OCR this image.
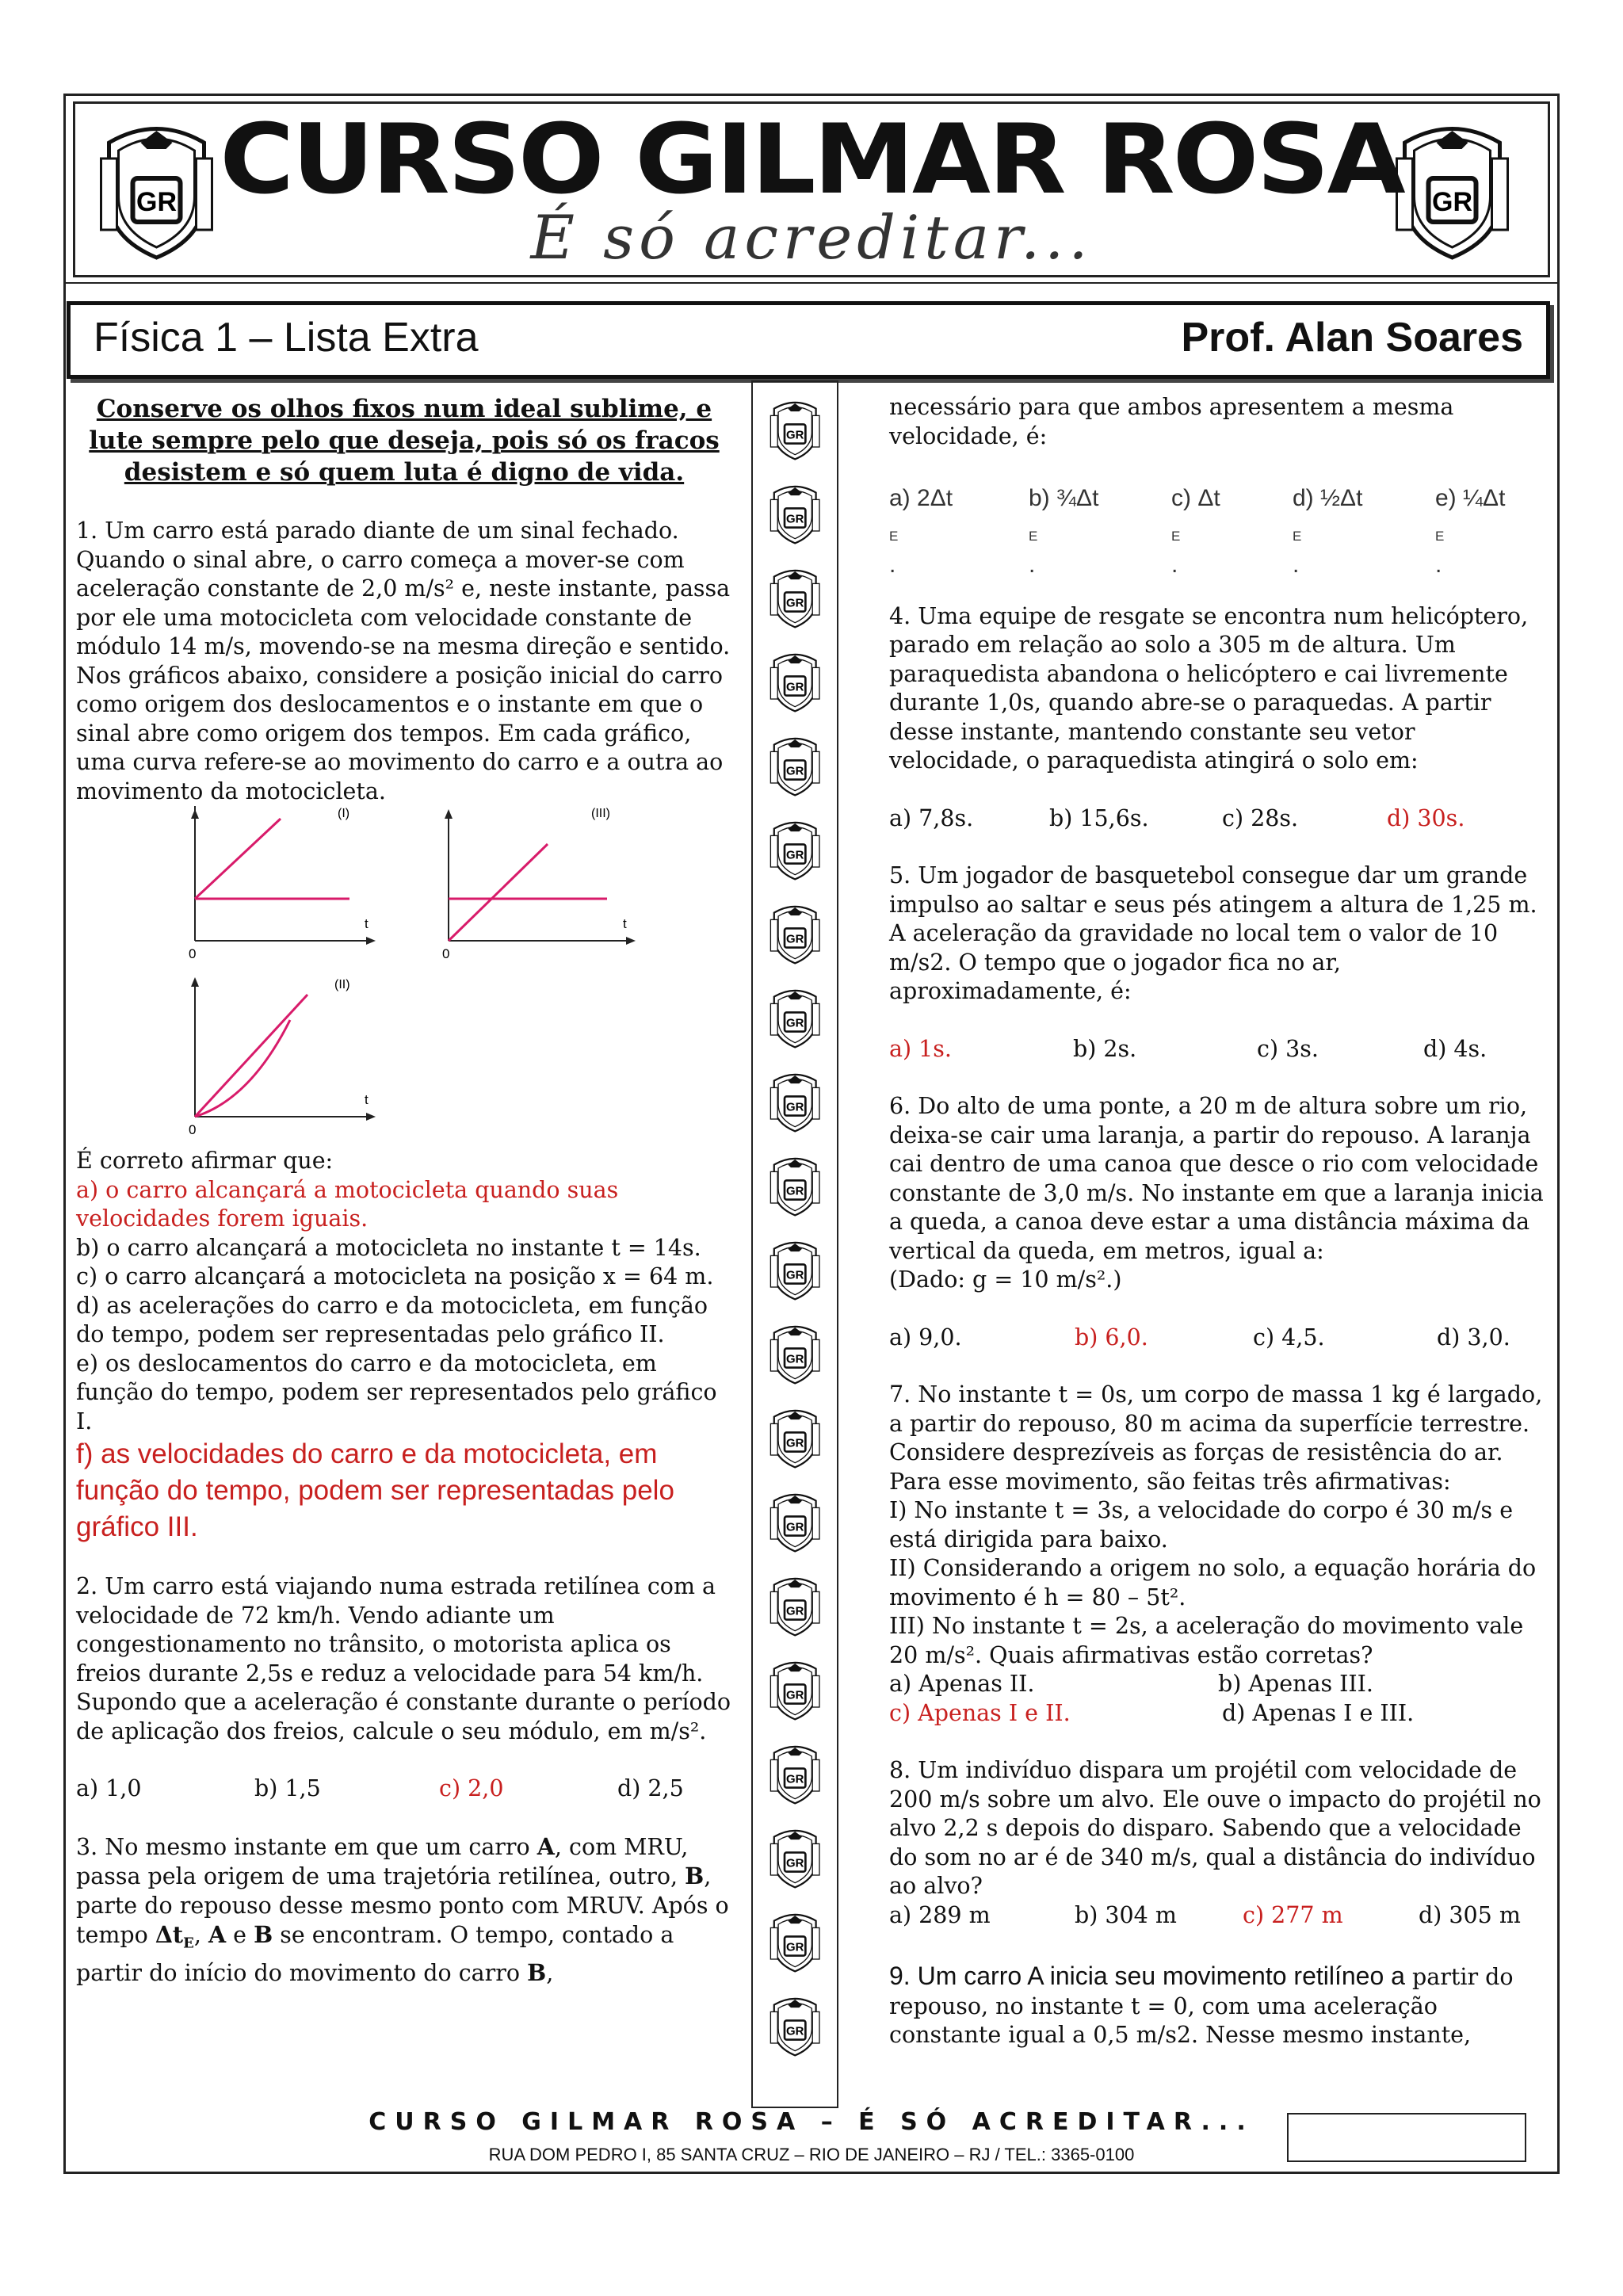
GR	GR
CURSO GILMAR ROSA
É só acreditar...
Física 1 – Lista Extra	Prof. Alan Soares

Conserve os olhos fixos num ideal sublime, e lute sempre pelo que deseja, pois só os fracos desistem e só quem luta é digno de vida.

1. Um carro está parado diante de um sinal fechado. Quando o sinal abre, o carro começa a mover-se com aceleração constante de 2,0 m/s² e, neste instante, passa por ele uma motocicleta com velocidade constante de módulo 14 m/s, movendo-se na mesma direção e sentido. Nos gráficos abaixo, considere a posição inicial do carro como origem dos deslocamentos e o instante em que o sinal abre como origem dos tempos. Em cada gráfico, uma curva refere-se ao movimento do carro e a outra ao movimento da motocicleta.

(I)
t
0
(III)
t
0
(II)
t
0

É correto afirmar que:

a) o carro alcançará a motocicleta quando suas velocidades forem iguais.

b) o carro alcançará a motocicleta no instante t = 14s.

c) o carro alcançará a motocicleta na posição x = 64 m.

d) as acelerações do carro e da motocicleta, em função do tempo, podem ser representadas pelo gráfico II.

e) os deslocamentos do carro e da motocicleta, em função do tempo, podem ser representados pelo gráfico I.

f) as velocidades do carro e da motocicleta, em função do tempo, podem ser representadas pelo gráfico III.

2. Um carro está viajando numa estrada retilínea com a velocidade de 72 km/h. Vendo adiante um congestionamento no trânsito, o motorista aplica os freios durante 2,5s e reduz a velocidade para 54 km/h. Supondo que a aceleração é constante durante o período de aplicação dos freios, calcule o seu módulo, em m/s².

a) 1,0	b) 1,5	c) 2,0	d) 2,5

3. No mesmo instante em que um carro A, com MRU, passa pela origem de uma trajetória retilínea, outro, B, parte do repouso desse mesmo ponto com MRUV. Após o tempo $\Delta t_E$, A e B se encontram. O tempo, contado a partir do início do movimento do carro B,

GR
GR
GR
GR
GR
GR
GR
GR
GR
GR
GR
GR
GR
GR
GR
GR
GR
GR
GR
GR

necessário para que ambos apresentem a mesma velocidade, é:

a) 2Δt
$_E$
.
b) ¾Δt
$_E$
.
c) Δt
$_E$
.
d) ½Δt
$_E$
.
e) ¼Δt
$_E$
.

4. Uma equipe de resgate se encontra num helicóptero, parado em relação ao solo a 305 m de altura. Um paraquedista abandona o helicóptero e cai livremente durante 1,0s, quando abre-se o paraquedas. A partir desse instante, mantendo constante seu vetor velocidade, o paraquedista atingirá o solo em:

a) 7,8s.	b) 15,6s.	c) 28s.	d) 30s.

5. Um jogador de basquetebol consegue dar um grande impulso ao saltar e seus pés atingem a altura de 1,25 m. A aceleração da gravidade no local tem o valor de 10 m/s2. O tempo que o jogador fica no ar, aproximadamente, é:

a) 1s.	b) 2s.	c) 3s.	d) 4s.

6. Do alto de uma ponte, a 20 m de altura sobre um rio, deixa-se cair uma laranja, a partir do repouso. A laranja cai dentro de uma canoa que desce o rio com velocidade constante de 3,0 m/s. No instante em que a laranja inicia a queda, a canoa deve estar a uma distância máxima da vertical da queda, em metros, igual a:

(Dado: g = 10 m/s².)

a) 9,0.	b) 6,0.	c) 4,5.	d) 3,0.

7. No instante t = 0s, um corpo de massa 1 kg é largado, a partir do repouso, 80 m acima da superfície terrestre. Considere desprezíveis as forças de resistência do ar. Para esse movimento, são feitas três afirmativas:

I) No instante t = 3s, a velocidade do corpo é 30 m/s e está dirigida para baixo.

II) Considerando a origem no solo, a equação horária do movimento é h = 80 – 5t².

III) No instante t = 2s, a aceleração do movimento vale 20 m/s². Quais afirmativas estão corretas?

a) Apenas II.	b) Apenas III.
c) Apenas I e II.	d) Apenas I e III.

8. Um indivíduo dispara um projétil com velocidade de 200 m/s sobre um alvo. Ele ouve o impacto do projétil no alvo 2,2 s depois do disparo. Sabendo que a velocidade do som no ar é de 340 m/s, qual a distância do indivíduo ao alvo?

a) 289 m	b) 304 m	c) 277 m	d) 305 m

9. Um carro A inicia seu movimento retilíneo a partir do repouso, no instante t = 0, com uma aceleração constante igual a 0,5 m/s2. Nesse mesmo instante,

CURSO GILMAR ROSA – É SÓ ACREDITAR...
RUA DOM PEDRO I, 85 SANTA CRUZ – RIO DE JANEIRO – RJ / TEL.: 3365-0100
